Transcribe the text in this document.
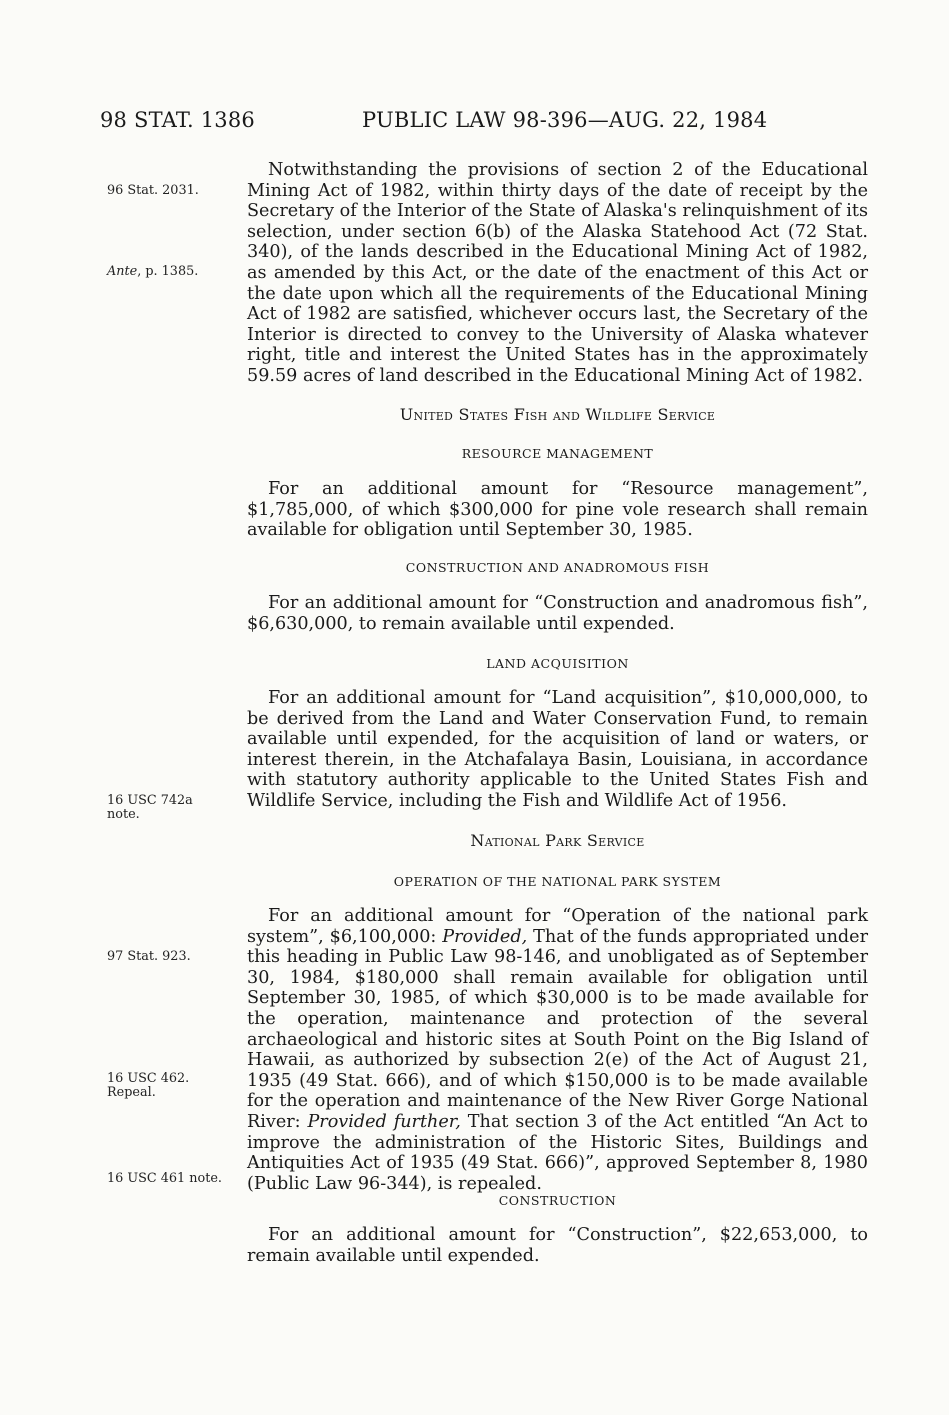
98 STAT. 1386	PUBLIC LAW 98-396—AUG. 22, 1984
96 Stat. 2031.
Ante, p. 1385.
16 USC 742a
note.
97 Stat. 923.
16 USC 462.
Repeal.
16 USC 461 note.

Notwithstanding the provisions of section 2 of the Educational Mining Act of 1982, within thirty days of the date of receipt by the Secretary of the Interior of the State of Alaska's relinquishment of its selection, under section 6(b) of the Alaska Statehood Act (72 Stat. 340), of the lands described in the Educational Mining Act of 1982, as amended by this Act, or the date of the enactment of this Act or the date upon which all the requirements of the Educational Mining Act of 1982 are satisfied, whichever occurs last, the Secretary of the Interior is directed to convey to the University of Alaska whatever right, title and interest the United States has in the approximately 59.59 acres of land described in the Educational Mining Act of 1982.

United States Fish and Wildlife Service
RESOURCE MANAGEMENT

For an additional amount for “Resource management”, $1,785,000, of which $300,000 for pine vole research shall remain available for obligation until September 30, 1985.

CONSTRUCTION AND ANADROMOUS FISH

For an additional amount for “Construction and anadromous fish”, $6,630,000, to remain available until expended.

LAND ACQUISITION

For an additional amount for “Land acquisition”, $10,000,000, to be derived from the Land and Water Conservation Fund, to remain available until expended, for the acquisition of land or waters, or interest therein, in the Atchafalaya Basin, Louisiana, in accordance with statutory authority applicable to the United States Fish and Wildlife Service, including the Fish and Wildlife Act of 1956.

National Park Service
OPERATION OF THE NATIONAL PARK SYSTEM

For an additional amount for “Operation of the national park system”, $6,100,000: Provided, That of the funds appropriated under this heading in Public Law 98-146, and unobligated as of September 30, 1984, $180,000 shall remain available for obligation until September 30, 1985, of which $30,000 is to be made available for the operation, maintenance and protection of the several archaeological and historic sites at South Point on the Big Island of Hawaii, as authorized by subsection 2(e) of the Act of August 21, 1935 (49 Stat. 666), and of which $150,000 is to be made available for the operation and maintenance of the New River Gorge National River: Provided further, That section 3 of the Act entitled “An Act to improve the administration of the Historic Sites, Buildings and Antiquities Act of 1935 (49 Stat. 666)”, approved September 8, 1980 (Public Law 96-344), is repealed.

CONSTRUCTION

For an additional amount for “Construction”, $22,653,000, to remain available until expended.
